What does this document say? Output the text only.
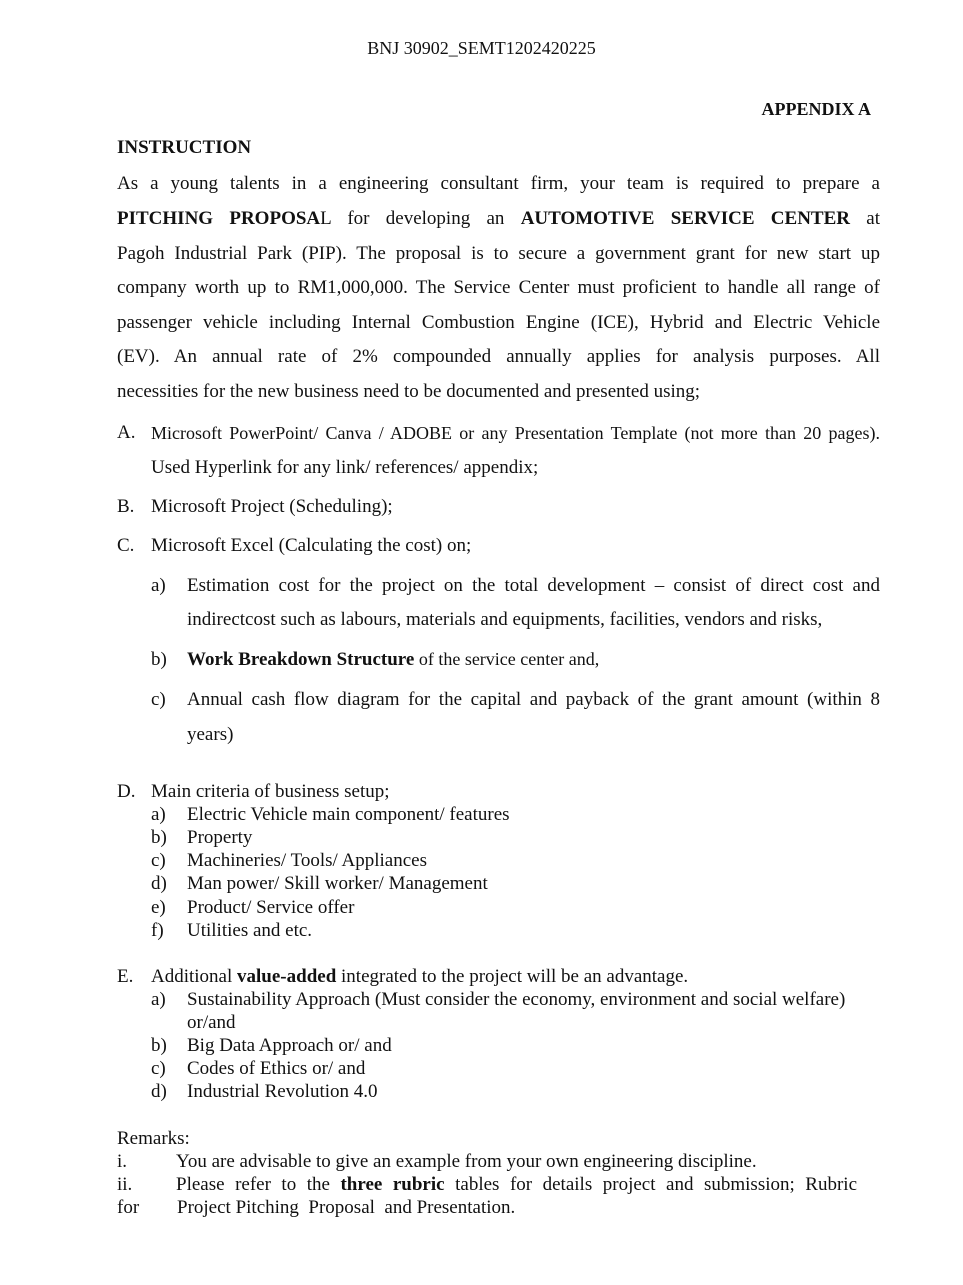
BNJ 30902_SEMT1202420225
APPENDIX A
INSTRUCTION
As a young talents in a engineering consultant firm, your team is required to prepare a
PITCHING PROPOSAL for developing an AUTOMOTIVE SERVICE CENTER at
Pagoh Industrial Park (PIP). The proposal is to secure a government grant for new start up
company worth up to RM1,000,000. The Service Center must proficient to handle all range of
passenger vehicle including Internal Combustion Engine (ICE), Hybrid and Electric Vehicle
(EV). An annual rate of 2% compounded annually applies for analysis purposes. All
necessities for the new business need to be documented and presented using;
A. Microsoft PowerPoint/ Canva / ADOBE or any Presentation Template (not more than 20 pages).
Used Hyperlink for any link/ references/ appendix;
B. Microsoft Project (Scheduling);
C. Microsoft Excel (Calculating the cost) on;
a) Estimation cost for the project on the total development – consist of direct cost and
indirectcost such as labours, materials and equipments, facilities, vendors and risks,
b) Work Breakdown Structure of the service center and,
c) Annual cash flow diagram for the capital and payback of the grant amount (within 8
years)
D. Main criteria of business setup;
a) Electric Vehicle main component/ features
b) Property
c) Machineries/ Tools/ Appliances
d) Man power/ Skill worker/ Management
e) Product/ Service offer
f) Utilities and etc.
E. Additional value-added integrated to the project will be an advantage.
a) Sustainability Approach (Must consider the economy, environment and social welfare)
or/and
b) Big Data Approach or/ and
c) Codes of Ethics or/ and
d) Industrial Revolution 4.0
Remarks:
i.	You are advisable to give an example from your own engineering discipline.
ii. Please refer to the three rubric tables for details project and submission; Rubric
for Project Pitching  Proposal  and Presentation.
